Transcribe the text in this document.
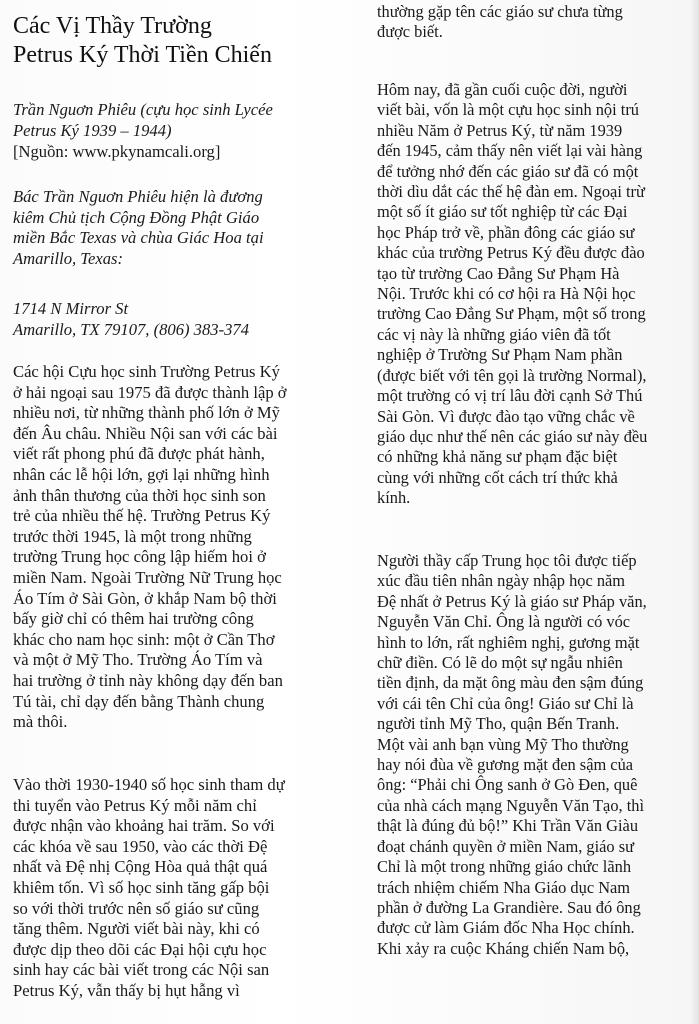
Các Vị Thầy Trường
Petrus Ký Thời Tiền Chiến

Trần Nguơn Phiêu (cựu học sinh Lycée
Petrus Ký 1939 – 1944)

[Nguồn: www.pkynamcali.org]

Bác Trần Nguơn Phiêu hiện là đương
kiêm Chủ tịch Cộng Đồng Phật Giáo
miền Bắc Texas và chùa Giác Hoa tại
Amarillo, Texas:

1714 N Mirror St
Amarillo, TX 79107, (806) 383-374

Các hội Cựu học sinh Trường Petrus Ký
ở hải ngoại sau 1975 đã được thành lập ở
nhiều nơi, từ những thành phố lớn ở Mỹ
đến Âu châu. Nhiều Nội san với các bài
viết rất phong phú đã được phát hành,
nhân các lễ hội lớn, gợi lại những hình
ảnh thân thương của thời học sinh son
trẻ của nhiều thế hệ. Trường Petrus Ký
trước thời 1945, là một trong những
trường Trung học công lập hiếm hoi ở
miền Nam. Ngoài Trường Nữ Trung học
Áo Tím ở Sài Gòn, ở khắp Nam bộ thời
bấy giờ chỉ có thêm hai trường công
khác cho nam học sinh: một ở Cần Thơ
và một ở Mỹ Tho. Trường Áo Tím và
hai trường ở tỉnh này không dạy đến ban
Tú tài, chỉ dạy đến bằng Thành chung
mà thôi.

Vào thời 1930-1940 số học sinh tham dự
thi tuyển vào Petrus Ký mỗi năm chỉ
được nhận vào khoảng hai trăm. So với
các khóa về sau 1950, vào các thời Đệ
nhất và Đệ nhị Cộng Hòa quả thật quá
khiêm tốn. Vì số học sinh tăng gấp bội
so với thời trước nên số giáo sư cũng
tăng thêm. Người viết bài này, khi có
được dịp theo dõi các Đại hội cựu học
sinh hay các bài viết trong các Nội san
Petrus Ký, vẫn thấy bị hụt hẫng vì

thường gặp tên các giáo sư chưa từng
được biết.

Hôm nay, đã gần cuối cuộc đời, người
viết bài, vốn là một cựu học sinh nội trú
nhiều Năm ở Petrus Ký, từ năm 1939
đến 1945, cảm thấy nên viết lại vài hàng
để tưởng nhớ đến các giáo sư đã có một
thời dìu dắt các thế hệ đàn em. Ngoại trừ
một số ít giáo sư tốt nghiệp từ các Đại
học Pháp trở về, phần đông các giáo sư
khác của trường Petrus Ký đều được đào
tạo từ trường Cao Đẳng Sư Phạm Hà
Nội. Trước khi có cơ hội ra Hà Nội học
trường Cao Đẳng Sư Phạm, một số trong
các vị này là những giáo viên đã tốt
nghiệp ở Trường Sư Phạm Nam phần
(được biết với tên gọi là trường Normal),
một trường có vị trí lâu đời cạnh Sở Thú
Sài Gòn. Vì được đào tạo vững chắc về
giáo dục như thế nên các giáo sư này đều
có những khả năng sư phạm đặc biệt
cùng với những cốt cách trí thức khả
kính.

Người thầy cấp Trung học tôi được tiếp
xúc đầu tiên nhân ngày nhập học năm
Đệ nhất ở Petrus Ký là giáo sư Pháp văn,
Nguyễn Văn Chỉ. Ông là người có vóc
hình to lớn, rất nghiêm nghị, gương mặt
chữ điền. Có lẽ do một sự ngẫu nhiên
tiền định, da mặt ông màu đen sậm đúng
với cái tên Chỉ của ông! Giáo sư Chỉ là
người tỉnh Mỹ Tho, quận Bến Tranh.
Một vài anh bạn vùng Mỹ Tho thường
hay nói đùa về gương mặt đen sậm của
ông: “Phải chi Ông sanh ở Gò Đen, quê
của nhà cách mạng Nguyễn Văn Tạo, thì
thật là đúng đủ bộ!” Khi Trần Văn Giàu
đoạt chánh quyền ở miền Nam, giáo sư
Chỉ là một trong những giáo chức lãnh
trách nhiệm chiếm Nha Giáo dục Nam
phần ở đường La Grandière. Sau đó ông
được cử làm Giám đốc Nha Học chính.
Khi xảy ra cuộc Kháng chiến Nam bộ,
